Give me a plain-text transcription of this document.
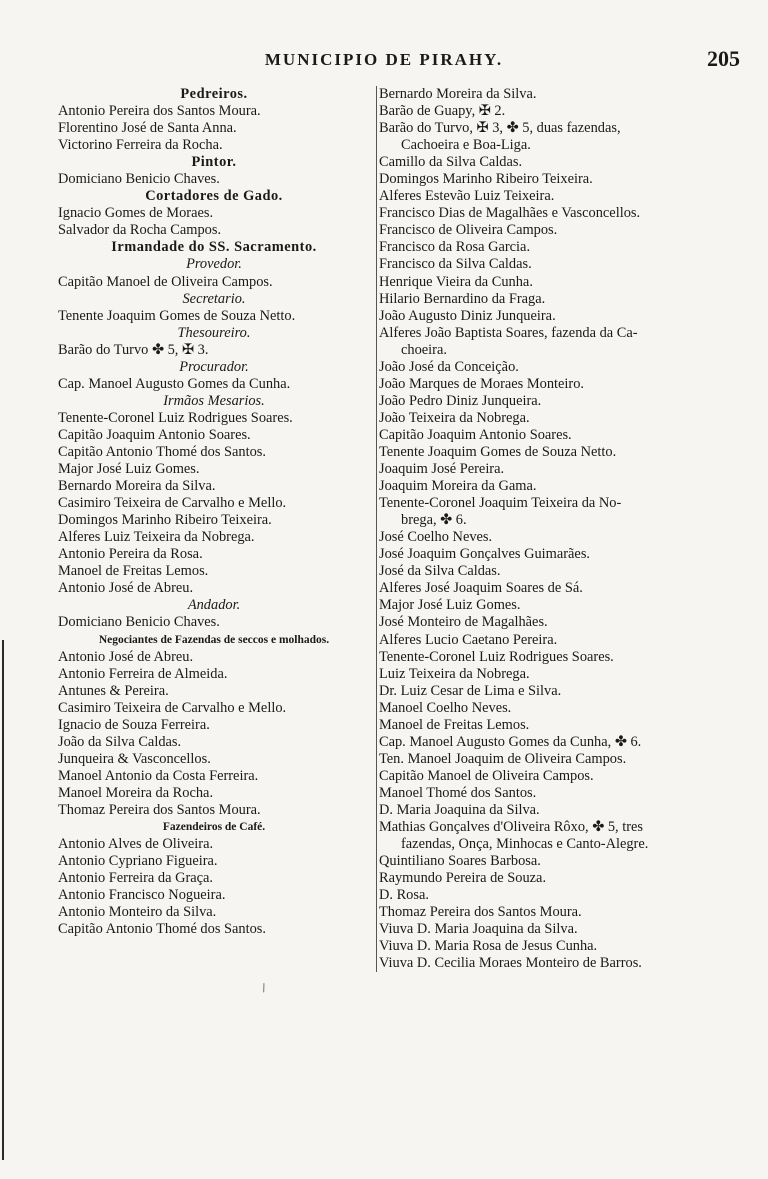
MUNICIPIO DE PIRAHY.	205
Pedreiros.
Antonio Pereira dos Santos Moura.
Florentino José de Santa Anna.
Victorino Ferreira da Rocha.
Pintor.
Domiciano Benicio Chaves.
Cortadores de Gado.
Ignacio Gomes de Moraes.
Salvador da Rocha Campos.
Irmandade do SS. Sacramento.
Provedor.
Capitão Manoel de Oliveira Campos.
Secretario.
Tenente Joaquim Gomes de Souza Netto.
Thesoureiro.
Barão do Turvo ✤ 5, ✠ 3.
Procurador.
Cap. Manoel Augusto Gomes da Cunha.
Irmãos Mesarios.
Tenente-Coronel Luiz Rodrigues Soares.
Capitão Joaquim Antonio Soares.
Capitão Antonio Thomé dos Santos.
Major José Luiz Gomes.
Bernardo Moreira da Silva.
Casimiro Teixeira de Carvalho e Mello.
Domingos Marinho Ribeiro Teixeira.
Alferes Luiz Teixeira da Nobrega.
Antonio Pereira da Rosa.
Manoel de Freitas Lemos.
Antonio José de Abreu.
Andador.
Domiciano Benicio Chaves.
Negociantes de Fazendas de seccos e molhados.
Antonio José de Abreu.
Antonio Ferreira de Almeida.
Antunes & Pereira.
Casimiro Teixeira de Carvalho e Mello.
Ignacio de Souza Ferreira.
João da Silva Caldas.
Junqueira & Vasconcellos.
Manoel Antonio da Costa Ferreira.
Manoel Moreira da Rocha.
Thomaz Pereira dos Santos Moura.
Fazendeiros de Café.
Antonio Alves de Oliveira.
Antonio Cypriano Figueira.
Antonio Ferreira da Graça.
Antonio Francisco Nogueira.
Antonio Monteiro da Silva.
Capitão Antonio Thomé dos Santos.
Bernardo Moreira da Silva.
Barão de Guapy, ✠ 2.
Barão do Turvo, ✠ 3, ✤ 5, duas fazendas,
Cachoeira e Boa-Liga.
Camillo da Silva Caldas.
Domingos Marinho Ribeiro Teixeira.
Alferes Estevão Luiz Teixeira.
Francisco Dias de Magalhães e Vasconcellos.
Francisco de Oliveira Campos.
Francisco da Rosa Garcia.
Francisco da Silva Caldas.
Henrique Vieira da Cunha.
Hilario Bernardino da Fraga.
João Augusto Diniz Junqueira.
Alferes João Baptista Soares, fazenda da Ca-
choeira.
João José da Conceição.
João Marques de Moraes Monteiro.
João Pedro Diniz Junqueira.
João Teixeira da Nobrega.
Capitão Joaquim Antonio Soares.
Tenente Joaquim Gomes de Souza Netto.
Joaquim José Pereira.
Joaquim Moreira da Gama.
Tenente-Coronel Joaquim Teixeira da No-
brega, ✤ 6.
José Coelho Neves.
José Joaquim Gonçalves Guimarães.
José da Silva Caldas.
Alferes José Joaquim Soares de Sá.
Major José Luiz Gomes.
José Monteiro de Magalhães.
Alferes Lucio Caetano Pereira.
Tenente-Coronel Luiz Rodrigues Soares.
Luiz Teixeira da Nobrega.
Dr. Luiz Cesar de Lima e Silva.
Manoel Coelho Neves.
Manoel de Freitas Lemos.
Cap. Manoel Augusto Gomes da Cunha, ✤ 6.
Ten. Manoel Joaquim de Oliveira Campos.
Capitão Manoel de Oliveira Campos.
Manoel Thomé dos Santos.
D. Maria Joaquina da Silva.
Mathias Gonçalves d'Oliveira Rôxo, ✤ 5, tres
fazendas, Onça, Minhocas e Canto-Alegre.
Quintiliano Soares Barbosa.
Raymundo Pereira de Souza.
D. Rosa.
Thomaz Pereira dos Santos Moura.
Viuva D. Maria Joaquina da Silva.
Viuva D. Maria Rosa de Jesus Cunha.
Viuva D. Cecilia Moraes Monteiro de Barros.
\
